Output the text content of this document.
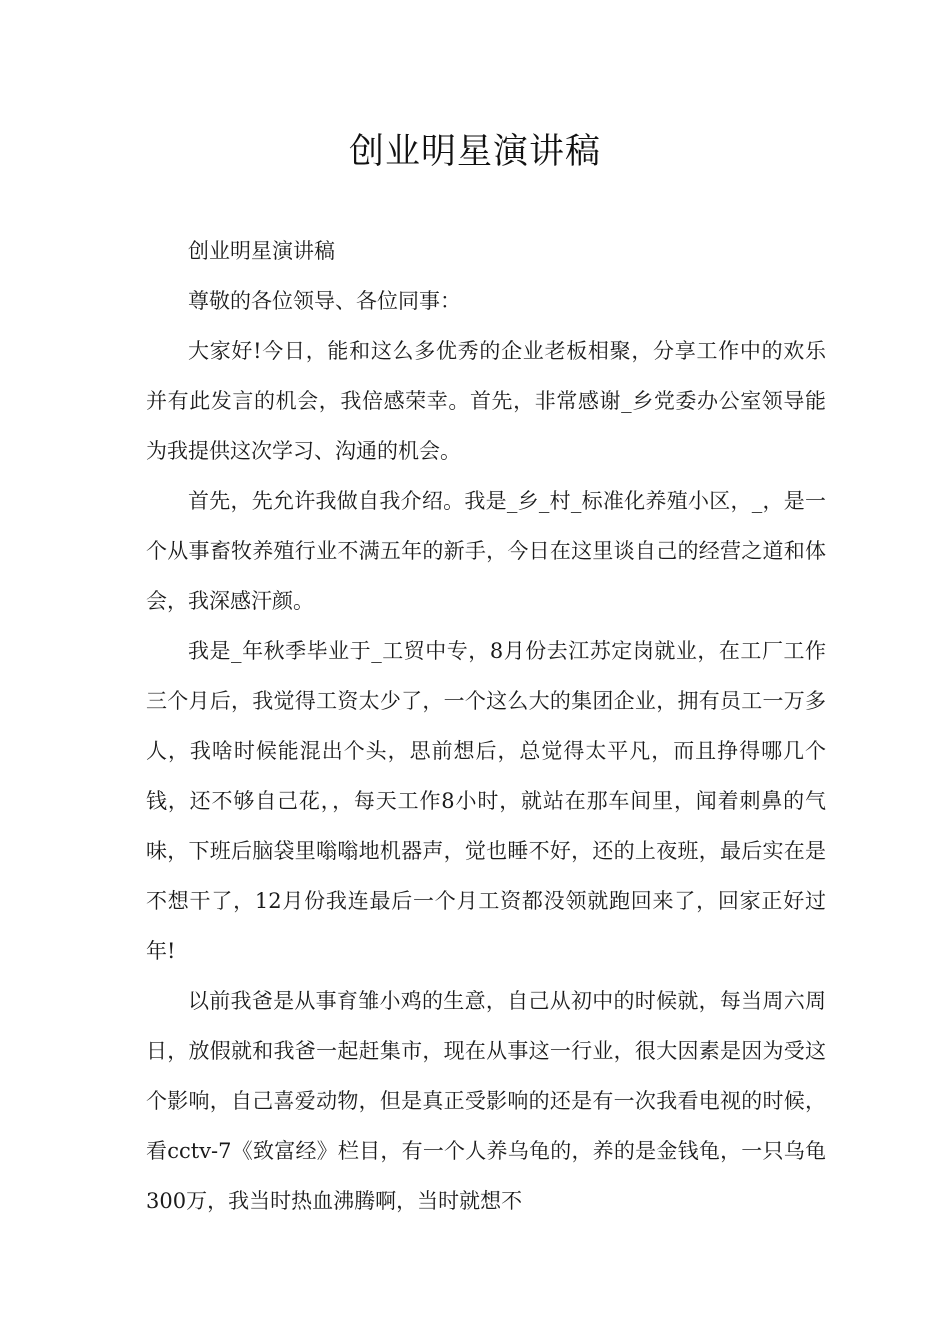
创业明星演讲稿

创业明星演讲稿

尊敬的各位领导、各位同事：

大家好!今日，能和这么多优秀的企业老板相聚，分享工作中的欢乐并有此发言的机会，我倍感荣幸。首先，非常感谢_乡党委办公室领导能为我提供这次学习、沟通的机会。

首先，先允许我做自我介绍。我是_乡_村_标准化养殖小区，_，是一个从事畜牧养殖行业不满五年的新手，今日在这里谈自己的经营之道和体会，我深感汗颜。

我是_年秋季毕业于_工贸中专，8月份去江苏定岗就业，在工厂工作三个月后，我觉得工资太少了，一个这么大的集团企业，拥有员工一万多人，我啥时候能混出个头，思前想后，总觉得太平凡，而且挣得哪几个钱，还不够自己花，，每天工作8小时，就站在那车间里，闻着刺鼻的气味，下班后脑袋里嗡嗡地机器声，觉也睡不好，还的上夜班，最后实在是不想干了，12月份我连最后一个月工资都没领就跑回来了，回家正好过年!

以前我爸是从事育雏小鸡的生意，自己从初中的时候就，每当周六周日，放假就和我爸一起赶集市，现在从事这一行业，很大因素是因为受这个影响，自己喜爱动物，但是真正受影响的还是有一次我看电视的时候，看cctv-7《致富经》栏目，有一个人养乌龟的，养的是金钱龟，一只乌龟300万，我当时热血沸腾啊，当时就想不
